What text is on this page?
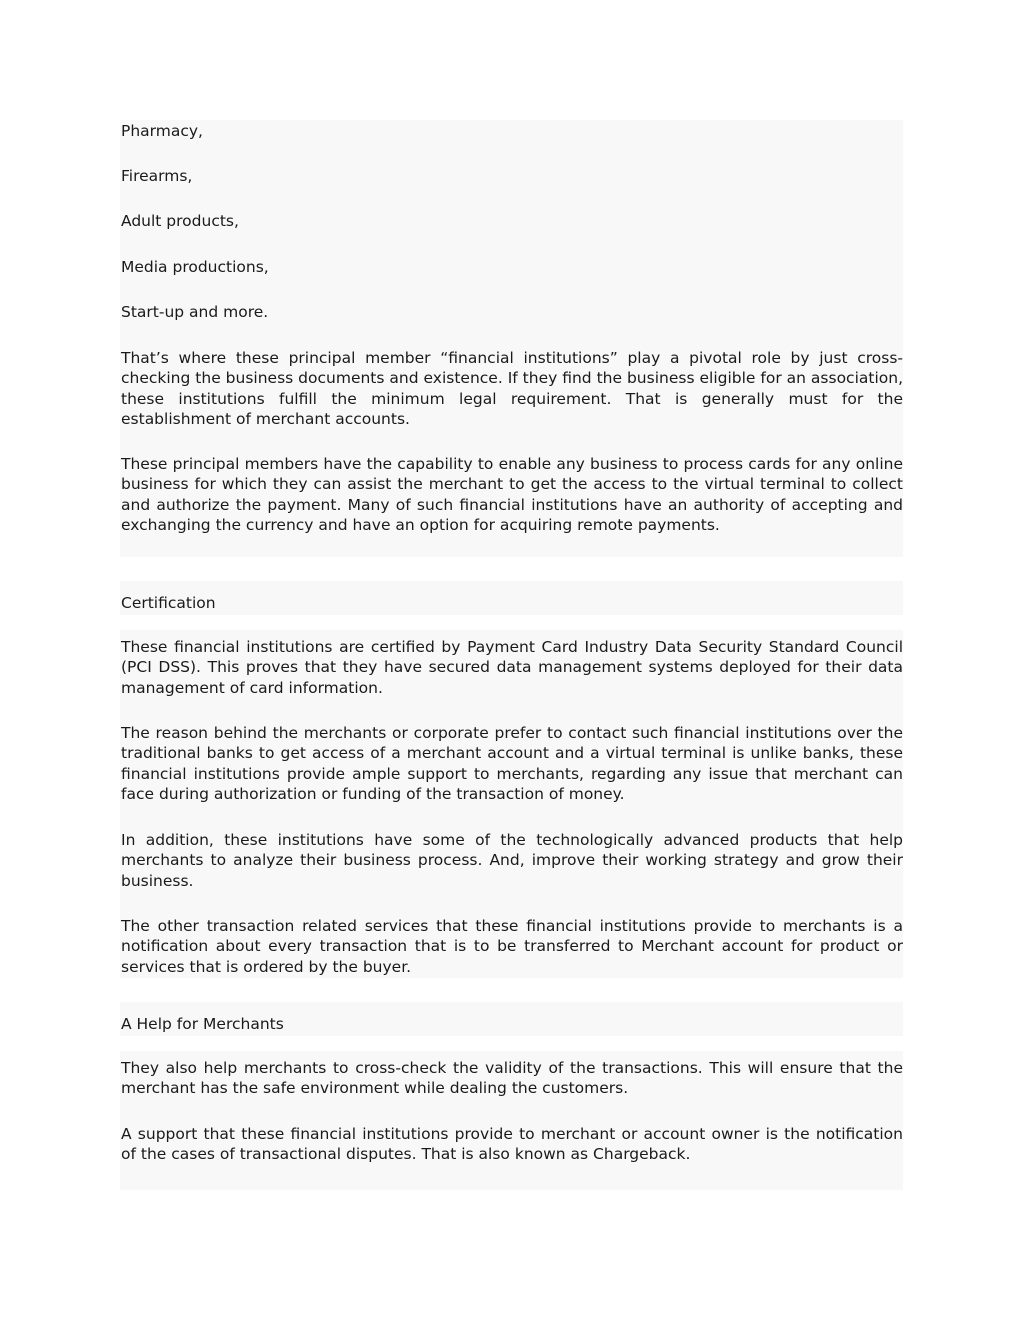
Pharmacy,

Firearms,

Adult products,

Media productions,

Start-up and more.

That’s where these principal member “financial institutions” play a pivotal role by just cross-checking the business documents and existence. If they find the business eligible for an association, these institutions fulfill the minimum legal requirement. That is generally must for the establishment of merchant accounts.

These principal members have the capability to enable any business to process cards for any online business for which they can assist the merchant to get the access to the virtual terminal to collect and authorize the payment. Many of such financial institutions have an authority of accepting and exchanging the currency and have an option for acquiring remote payments.

Certification

These financial institutions are certified by Payment Card Industry Data Security Standard Council (PCI DSS). This proves that they have secured data management systems deployed for their data management of card information.

The reason behind the merchants or corporate prefer to contact such financial institutions over the traditional banks to get access of a merchant account and a virtual terminal is unlike banks, these financial institutions provide ample support to merchants, regarding any issue that merchant can face during authorization or funding of the transaction of money.

In addition, these institutions have some of the technologically advanced products that help merchants to analyze their business process. And, improve their working strategy and grow their business.

The other transaction related services that these financial institutions provide to merchants is a notification about every transaction that is to be transferred to Merchant account for product or services that is ordered by the buyer.

A Help for Merchants

They also help merchants to cross-check the validity of the transactions. This will ensure that the merchant has the safe environment while dealing the customers.

A support that these financial institutions provide to merchant or account owner is the notification of the cases of transactional disputes. That is also known as Chargeback.
